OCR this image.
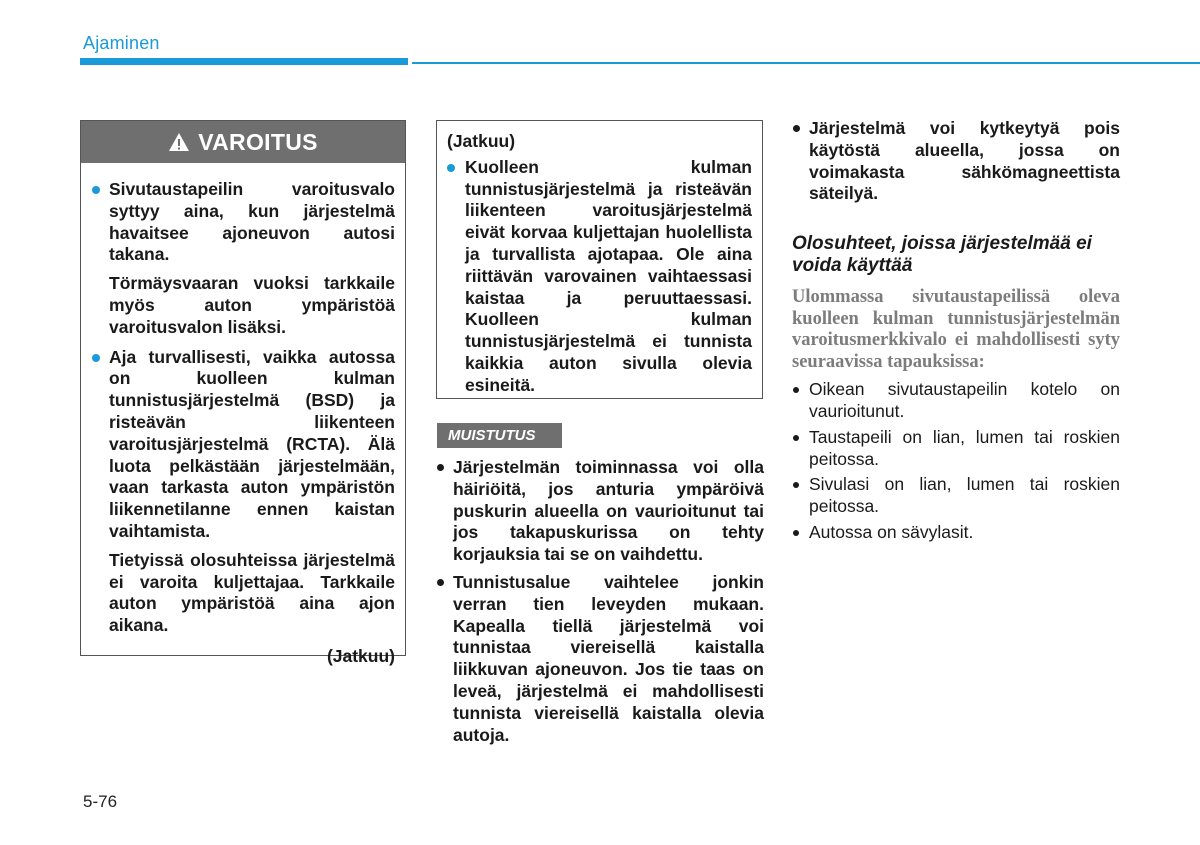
Ajaminen
VAROITUS
Sivutaustapeilin varoitusvalo syttyy aina, kun järjestelmä havaitsee ajoneuvon autosi takana.
Törmäysvaaran vuoksi tarkkaile myös auton ympäristöä varoitusvalon lisäksi.
Aja turvallisesti, vaikka autossa on kuolleen kulman tunnistusjärjestelmä (BSD) ja risteävän liikenteen varoitusjärjestelmä (RCTA). Älä luota pelkästään järjestelmään, vaan tarkasta auton ympäristön liikennetilanne ennen kaistan vaihtamista.
Tietyissä olosuhteissa järjestelmä ei varoita kuljettajaa. Tarkkaile auton ympäristöä aina ajon aikana.
(Jatkuu)
(Jatkuu)
Kuolleen kulman tunnistusjärjestelmä ja risteävän liikenteen varoitusjärjestelmä eivät korvaa kuljettajan huolellista ja turvallista ajotapaa. Ole aina riittävän varovainen vaihtaessasi kaistaa ja peruuttaessasi. Kuolleen kulman tunnistusjärjestelmä ei tunnista kaikkia auton sivulla olevia esineitä.
MUISTUTUS
Järjestelmän toiminnassa voi olla häiriöitä, jos anturia ympäröivä puskurin alueella on vaurioitunut tai jos takapuskurissa on tehty korjauksia tai se on vaihdettu.
Tunnistusalue vaihtelee jonkin verran tien leveyden mukaan. Kapealla tiellä järjestelmä voi tunnistaa viereisellä kaistalla liikkuvan ajoneuvon. Jos tie taas on leveä, järjestelmä ei mahdollisesti tunnista viereisellä kaistalla olevia autoja.
Järjestelmä voi kytkeytyä pois käytöstä alueella, jossa on voimakasta sähkömagneettista säteilyä.
Olosuhteet, joissa järjestelmää ei voida käyttää
Ulommassa sivutaustapeilissä oleva kuolleen kulman tunnistusjärjestelmän varoitusmerkkivalo ei mahdollisesti syty seuraavissa tapauksissa:
Oikean sivutaustapeilin kotelo on vaurioitunut.
Taustapeili on lian, lumen tai roskien peitossa.
Sivulasi on lian, lumen tai roskien peitossa.
Autossa on sävylasit.
5-76
